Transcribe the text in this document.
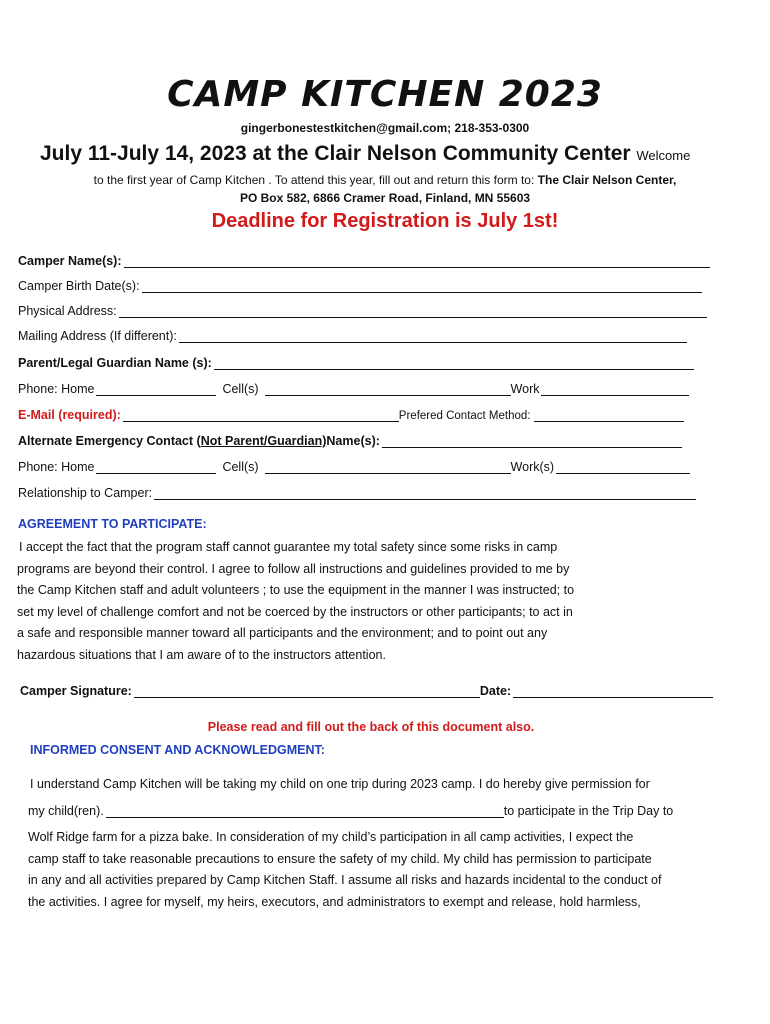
CAMP KITCHEN 2023
gingerbonestestkitchen@gmail.com; 218-353-0300
July 11-July 14, 2023 at the Clair Nelson Community Center Welcome
to the first year of Camp Kitchen . To attend this year, fill out and return this form to: The Clair Nelson Center,
PO Box 582, 6866 Cramer Road, Finland, MN 55603
Deadline for Registration is July 1st!
Camper Name(s):
Camper Birth Date(s):
Physical Address:
Mailing Address (If different):
Parent/Legal Guardian Name (s):
Phone: Home	Cell(s)	Work
E-Mail (required):	Prefered Contact Method:
Alternate Emergency Contact ( Not Parent/Guardian) Name(s):
Phone: Home	Cell(s)	Work(s)
Relationship to Camper:
AGREEMENT TO PARTICIPATE:
I accept the fact that the program staff cannot guarantee my total safety since some risks in camp
programs are beyond their control. I agree to follow all instructions and guidelines provided to me by
the Camp Kitchen staff and adult volunteers ; to use the equipment in the manner I was instructed; to
set my level of challenge comfort and not be coerced by the instructors or other participants; to act in
a safe and responsible manner toward all participants and the environment; and to point out any
hazardous situations that I am aware of to the instructors attention.
Camper Signature:	Date:
Please read and fill out the back of this document also.
INFORMED CONSENT AND ACKNOWLEDGMENT:
I understand Camp Kitchen will be taking my child on one trip during 2023 camp. I do hereby give permission for
my child(ren).	to participate in the Trip Day to
Wolf Ridge farm for a pizza bake. In consideration of my child’s participation in all camp activities, I expect the
camp staff to take reasonable precautions to ensure the safety of my child. My child has permission to participate
in any and all activities prepared by Camp Kitchen Staff. I assume all risks and hazards incidental to the conduct of
the activities. I agree for myself, my heirs, executors, and administrators to exempt and release, hold harmless,
